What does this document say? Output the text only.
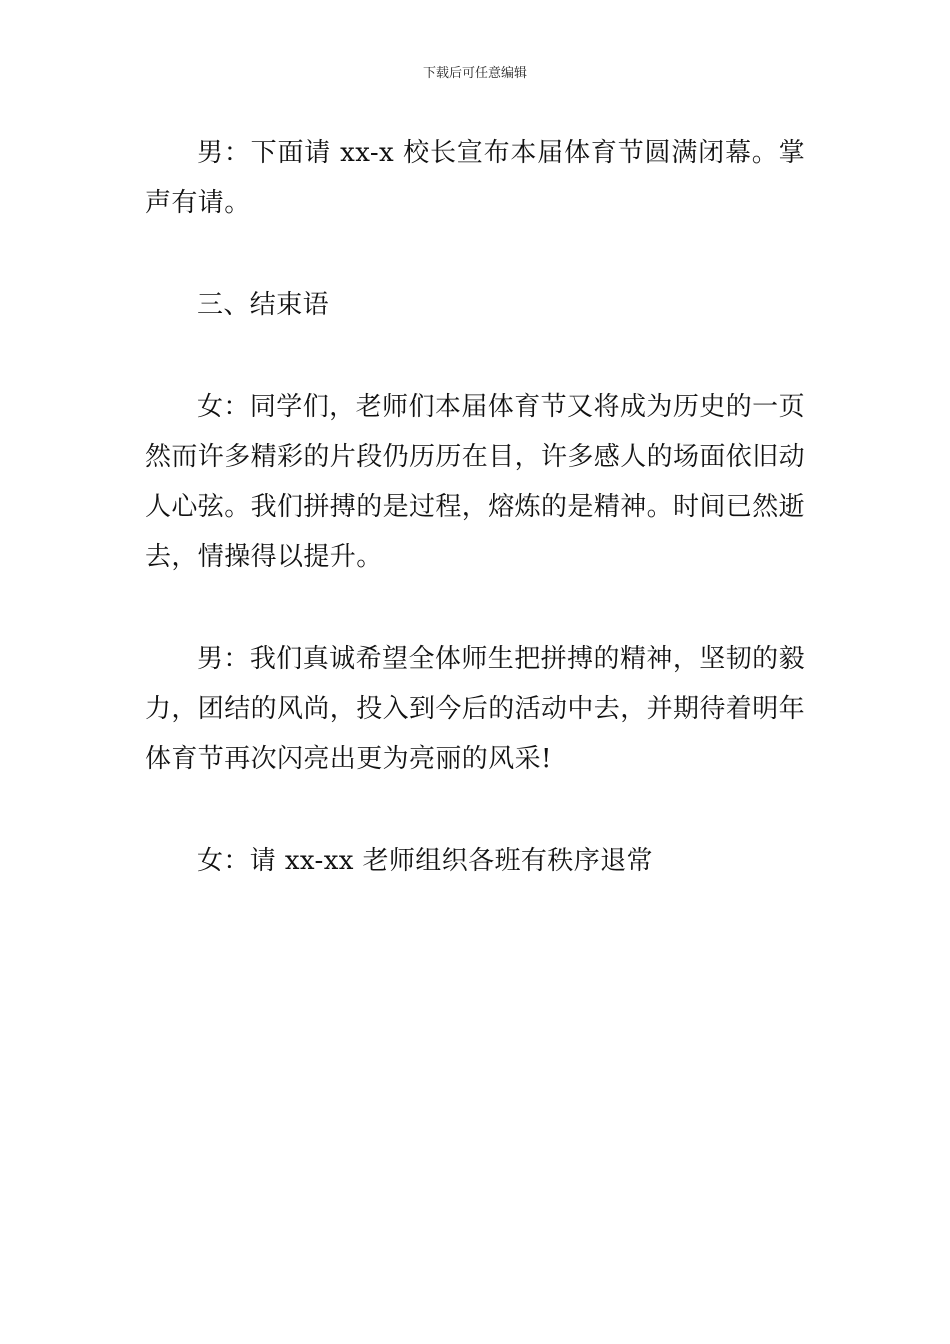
下载后可任意编辑

男：下面请 xx-x 校长宣布本届体育节圆满闭幕。掌声有请。

三、结束语

女：同学们，老师们本届体育节又将成为历史的一页然而许多精彩的片段仍历历在目，许多感人的场面依旧动人心弦。我们拼搏的是过程，熔炼的是精神。时间已然逝去，情操得以提升。

男：我们真诚希望全体师生把拼搏的精神，坚韧的毅力，团结的风尚，投入到今后的活动中去，并期待着明年体育节再次闪亮出更为亮丽的风采!

女：请 xx-xx 老师组织各班有秩序退常
